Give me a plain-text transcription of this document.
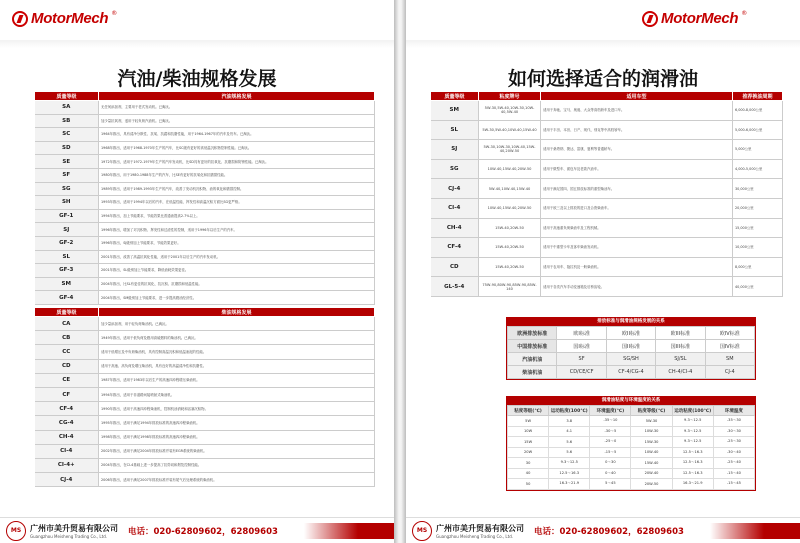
MotorMech ®
汽油/柴油规格发展
质量等级	汽油规格发展
SA	无任何添加剂，主要用于老式发动机。已淘汰。
SB	加少量抗氧剂，适用于轻负荷汽油机。已淘汰。
SC	1964年推出，具有清净分散性、抗氧、抗腐和抗磨性能，用于1964-1967年的汽车及货车。已淘汰。
SD	1968年推出，适用于1968-1970年生产的汽车，比SC级有更好的高低温沉积物控制性能。已淘汰。
SE	1972年推出，适用于1972-1979年生产的汽车发动机，比SD具有更好的抗氧化、抗磨损和防锈性能。已淘汰。
SF	1980年推出，用于1980-1988年生产的汽车，比SE有更好的抗氧化和抗磨损性能。
SG	1989年推出，适用于1989-1993年生产的汽车，改善了发动机沉积物、油的氧化和磨损控制。
SH	1993年推出，适用于1994年以后的汽车，在低温性能、挥发性和高温沉积方面比SG更严格。
GF-1	1994年推出，加上节能要求，节能效果比普通油提高2.7%以上。
SJ	1996年推出，增加了对沉积物、挥发性和过滤性的控制，适用于1996年以后生产的汽车。
GF-2	1996年推出，SJ级别加上节能要求，节能效果更好。
SL	2001年推出，改善了高温抗氧化性能，适用于2001年以后生产的汽车发动机。
GF-3	2001年推出，SL级别加上节能要求，降低油耗效果更佳。
SM	2004年推出，比SL有更佳的抗氧化、抗沉积、抗磨损和低温性能。
GF-4	2004年推出，SM级别加上节能要求，进一步提高燃油经济性。
质量等级	柴油规格发展
CA	加少量添加剂，用于轻负荷柴油机。已淘汰。
CB	1949年推出，适用于低负荷及燃用高硫燃料的柴油机。已淘汰。
CC	适用于低增压及中负荷柴油机，具有控制高温沉积和低温油泥的性能。
CD	适用于高速、高负荷及增压柴油机，具有良好的高温清净性和抗磨性。
CE	1987年推出，适用于1983年以后生产的高速四冲程增压柴油机。
CF	1994年推出，适用于非道路间接喷射式柴油机。
CF-4	1990年推出，适用于高速四冲程柴油机，控制机油消耗和活塞沉积物。
CG-4	1995年推出，适用于满足1994年排放标准的高速四冲程柴油机。
CH-4	1998年推出，适用于满足1998年排放标准的高速四冲程柴油机。
CI-4	2002年推出，适用于满足2004年排放标准并装有EGR系统的柴油机。
CI-4+	2004年推出，在CI-4基础上进一步提高了抗剪切和烟炱控制性能。
CJ-4	2006年推出，适用于满足2007年排放标准并装有尾气后处理系统的柴油机。
MS	广州市美升贸易有限公司
Guangzhou Meisheng Trading Co., Ltd.	电话：020-62809602，62809603
MotorMech ®
如何选择适合的润滑油
质量等级	粘度牌号	适用车型	推荐换油周期
SM	5W-30,5W-40,10W-30,10W-40,5W-40	适用于奔驰、宝马、奥迪、大众等高档轿车及进口车。	6,000-8,000公里
SL	5W-30,5W-40,10W-40,15W-40	适用于丰田、本田、日产、现代、别克等中高档轿车。	5,000-6,000公里
SJ	5W-30,10W-30,10W-40,15W-40,20W-50	适用于桑塔纳、捷达、富康、夏利等普通轿车。	5,000公里
SG	10W-40,15W-40,20W-50	适用于微型车、面包车及老款汽油车。	4,000-5,000公里
CJ-4	5W-40,10W-40,15W-40	适用于满足国四、国五排放标准的重型柴油车。	30,000公里
CI-4	10W-40,15W-40,20W-50	适用于欧三及以上排放的进口及合资柴油车。	20,000公里
CH-4	15W-40,20W-50	适用于高速重负荷柴油车及工程机械。	15,000公里
CF-4	15W-40,20W-50	适用于中重型卡车及客车柴油发动机。	10,000公里
CD	15W-40,20W-50	适用于农用车、拖拉机及一般柴油机。	8,000公里
GL-5-4	75W-90,80W-90,85W-90,85W-140	适用于各类汽车手动变速箱及后桥齿轮。	40,000公里
排放标准与润滑油规格发展的关系
欧洲排放标准	欧I标准	欧II标准	欧III标准	欧IV标准
中国排放标准	国I标准	国II标准	国III标准	国IV标准
汽油机油	SF	SG/SH	SJ/SL	SM
柴油机油	CD/CE/CF	CF-4/CG-4	CH-4/CI-4	CJ-4
润滑油粘度与环境温度的关系
粘度等级(℃)	运动粘度(100℃)	环境温度(℃)	粘度等级(℃)	运动粘度(100℃)	环境温度
5W	3.8	-35～10	5W-30	9.3～12.5	-35～30
10W	4.1	-30～5	10W-30	9.3～12.5	-30～30
15W	5.6	-25～0	15W-30	9.3～12.5	-25～30
20W	5.6	-15～5	10W-40	12.5～16.3	-30～40
30	9.3～12.5	0～30	15W-40	12.5～16.3	-25～40
40	12.5～16.3	0～40	20W-40	12.5～16.3	-15～40
50	16.3～21.9	5～45	20W-50	16.3～21.9	-15～45
MS	广州市美升贸易有限公司
Guangzhou Meisheng Trading Co., Ltd.	电话：020-62809602，62809603
